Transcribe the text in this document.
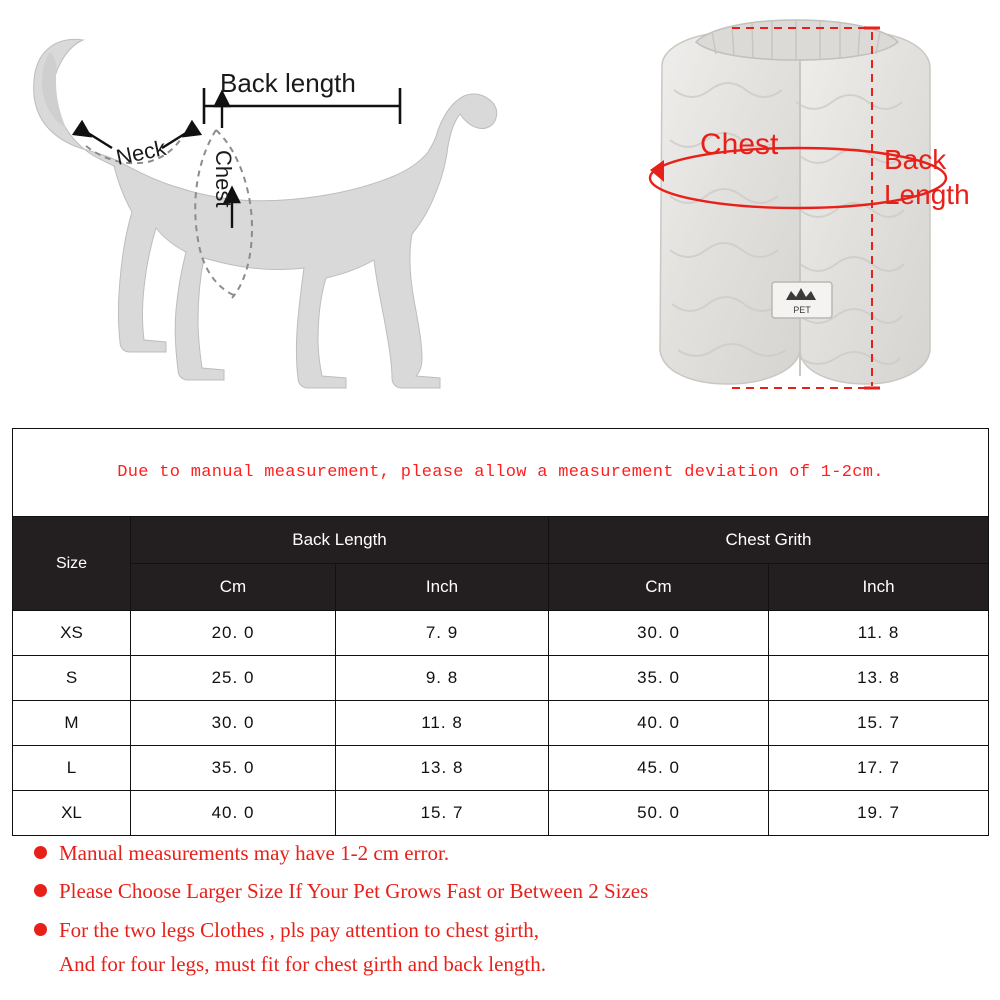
Back length
Neck Chest
PET
Chest	Back
Length
Due to manual measurement, please allow a measurement deviation of 1-2cm.				
Size	Back Length		Chest Grith	
	Cm	Inch	Cm	Inch
XS	20. 0	7. 9	30. 0	11. 8
S	25. 0	9. 8	35. 0	13. 8
M	30. 0	11. 8	40. 0	15. 7
L	35. 0	13. 8	45. 0	17. 7
XL	40. 0	15. 7	50. 0	19. 7
Manual measurements may have 1-2 cm error.
Please Choose Larger Size If Your Pet Grows Fast or Between 2 Sizes
For the two legs Clothes , pls pay attention to chest girth,
And for four legs, must fit for chest girth and back length.
